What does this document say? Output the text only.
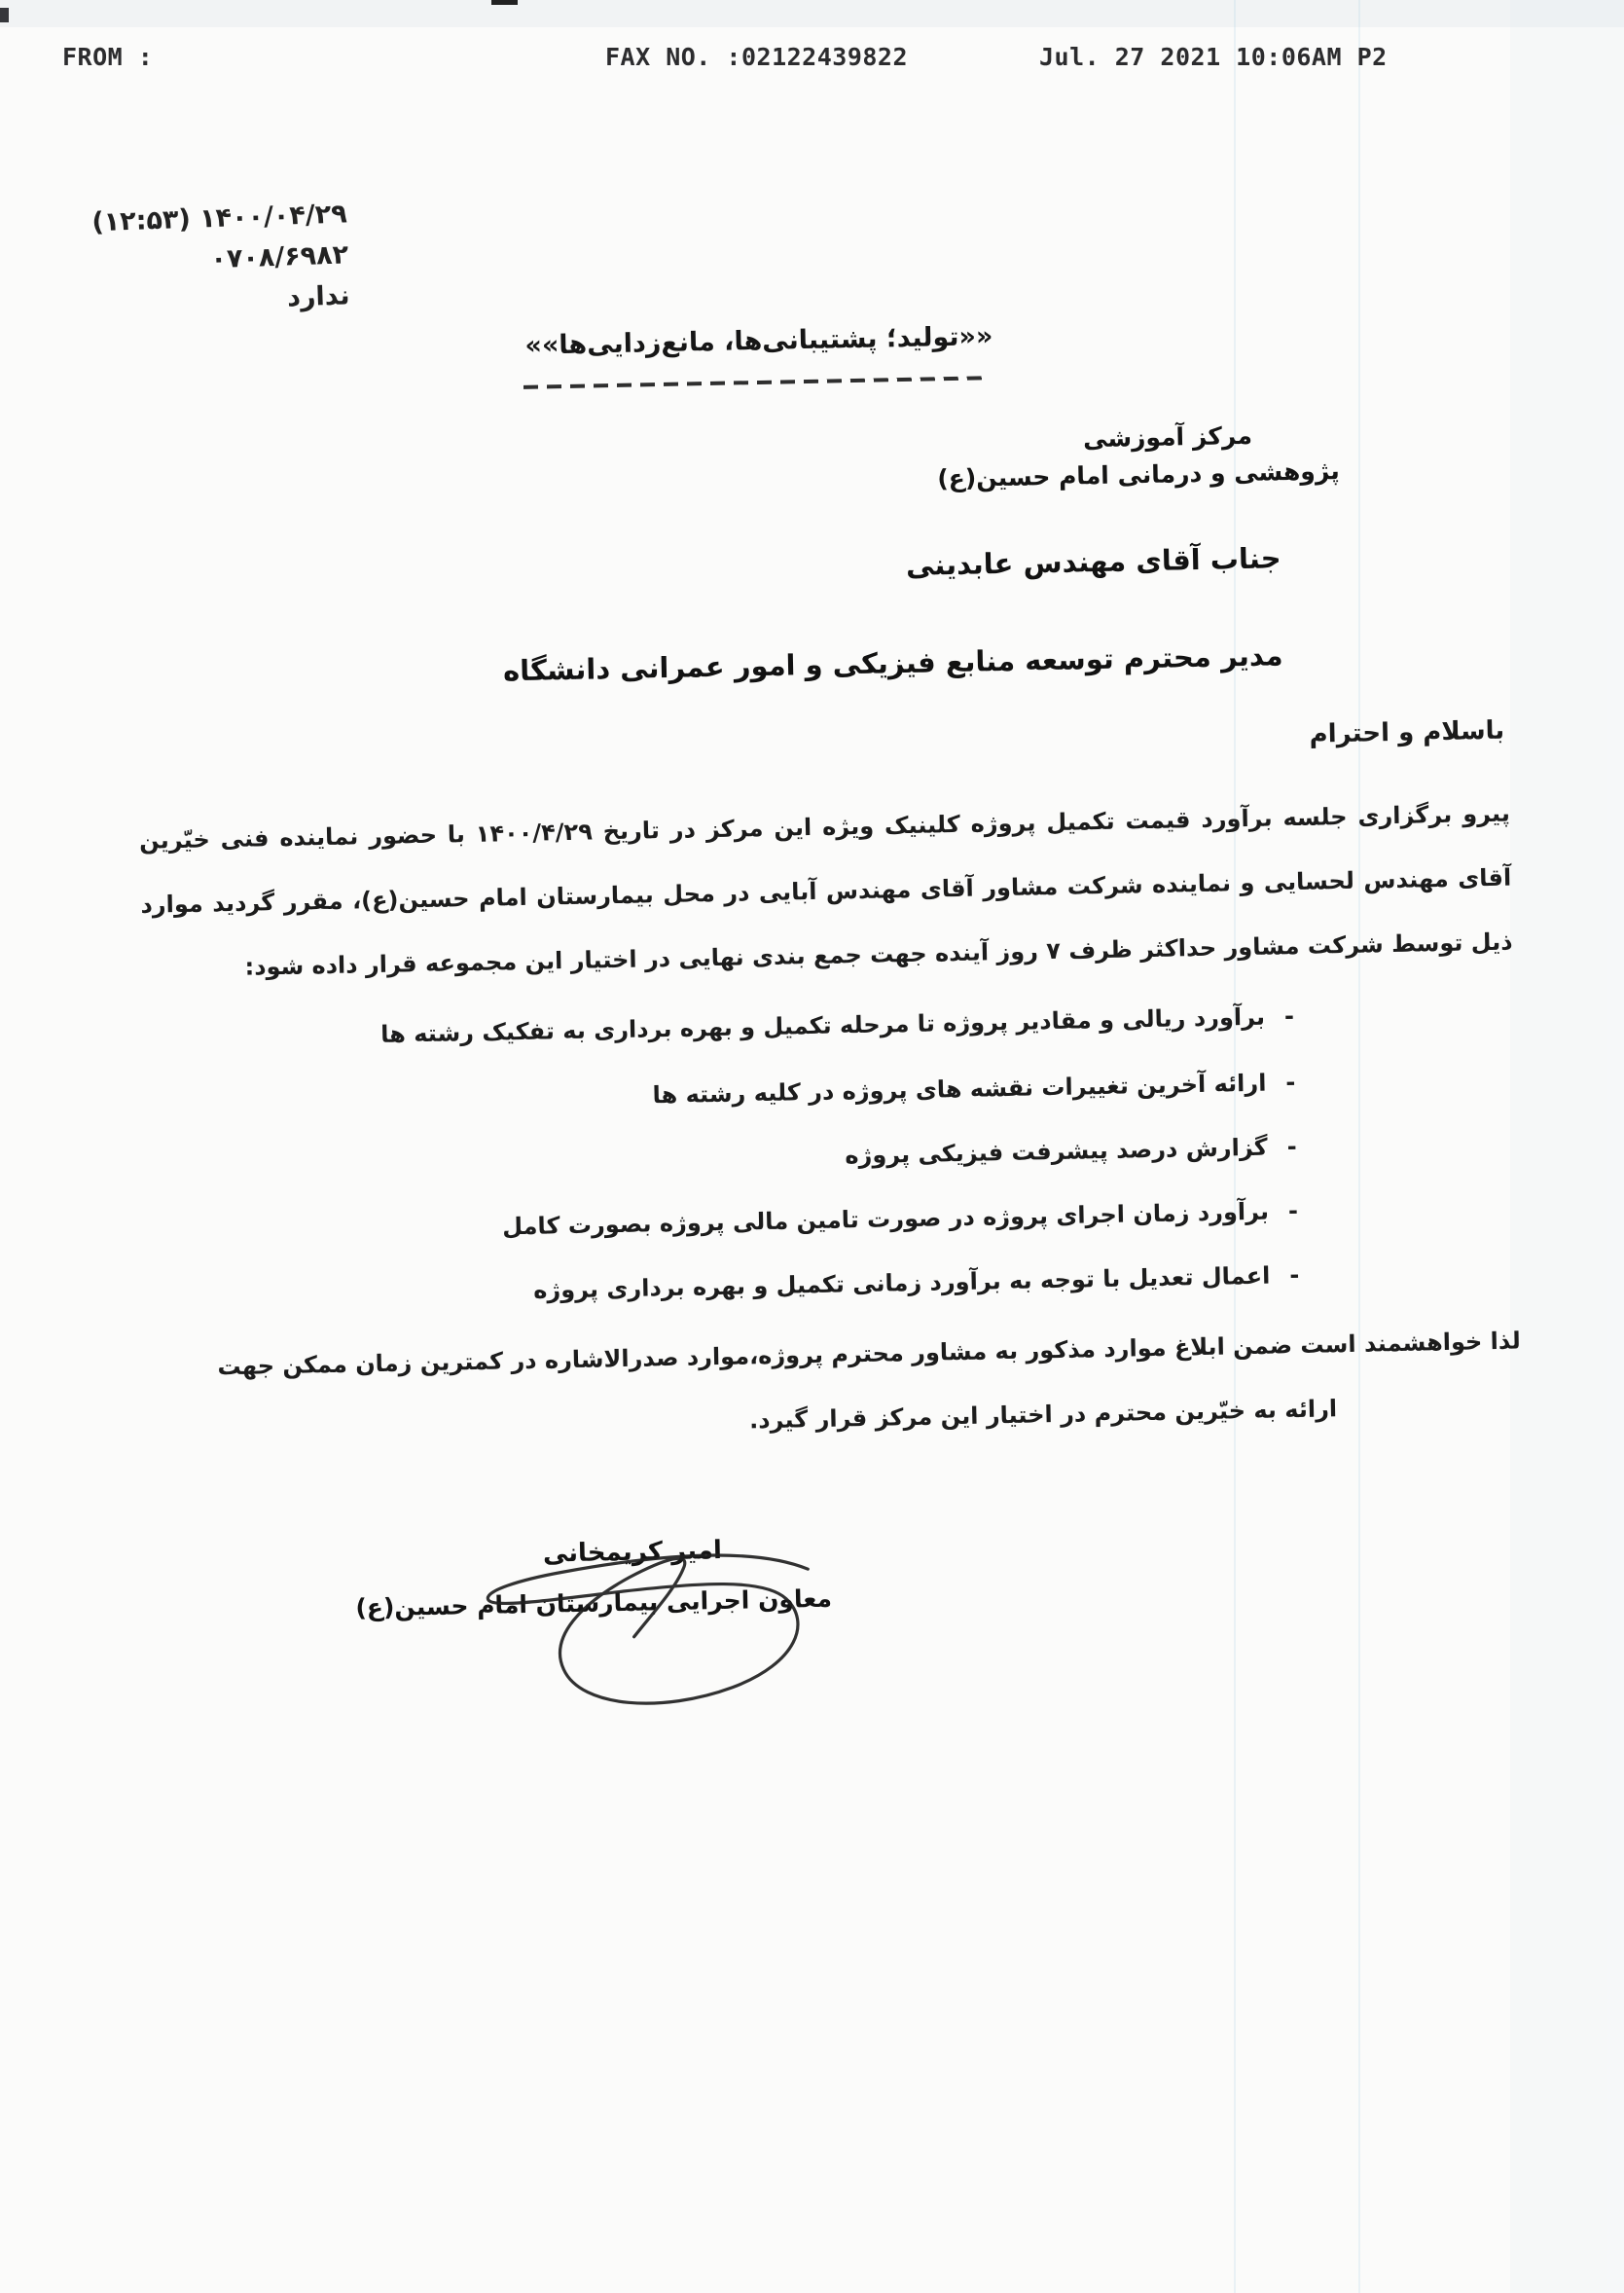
FROM :	FAX NO. :02122439822	Jul. 27 2021 10:06AM P2
۱۴۰۰/۰۴/۲۹ (۱۲:۵۳)
۰۷۰۸/۶۹۸۲
ندارد
««تولید؛ پشتیبانی‌ها، مانع‌زدایی‌ها»»
مرکز آموزشی
پژوهشی و درمانی امام حسین(ع)
جناب آقای مهندس عابدینی
مدیر محترم توسعه منابع فیزیکی و امور عمرانی دانشگاه
باسلام و احترام
پیرو برگزاری جلسه برآورد قیمت تکمیل پروژه کلینیک ویژه این مرکز در تاریخ ۱۴۰۰/۴/۲۹ با حضور نماینده فنی خیّرین
آقای مهندس لحسایی و نماینده شرکت مشاور آقای مهندس آبایی در محل بیمارستان امام حسین(ع)، مقرر گردید موارد
ذیل توسط شرکت مشاور حداکثر ظرف ۷ روز آینده جهت جمع بندی نهایی در اختیار این مجموعه قرار داده شود:
-
برآورد ریالی و مقادیر پروژه تا مرحله تکمیل و بهره برداری به تفکیک رشته ها
-
ارائه آخرین تغییرات نقشه های پروژه در کلیه رشته ها
-
گزارش درصد پیشرفت فیزیکی پروژه
-
برآورد زمان اجرای پروژه در صورت تامین مالی پروژه بصورت کامل
-
اعمال تعدیل با توجه به برآورد زمانی تکمیل و بهره برداری پروژه
لذا خواهشمند است ضمن ابلاغ موارد مذکور به مشاور محترم پروژه،موارد صدرالاشاره در کمترین زمان ممکن جهت
ارائه به خیّرین محترم در اختیار این مرکز قرار گیرد.
امیر کریمخانی
معاون اجرایی بیمارستان امام حسین(ع)
